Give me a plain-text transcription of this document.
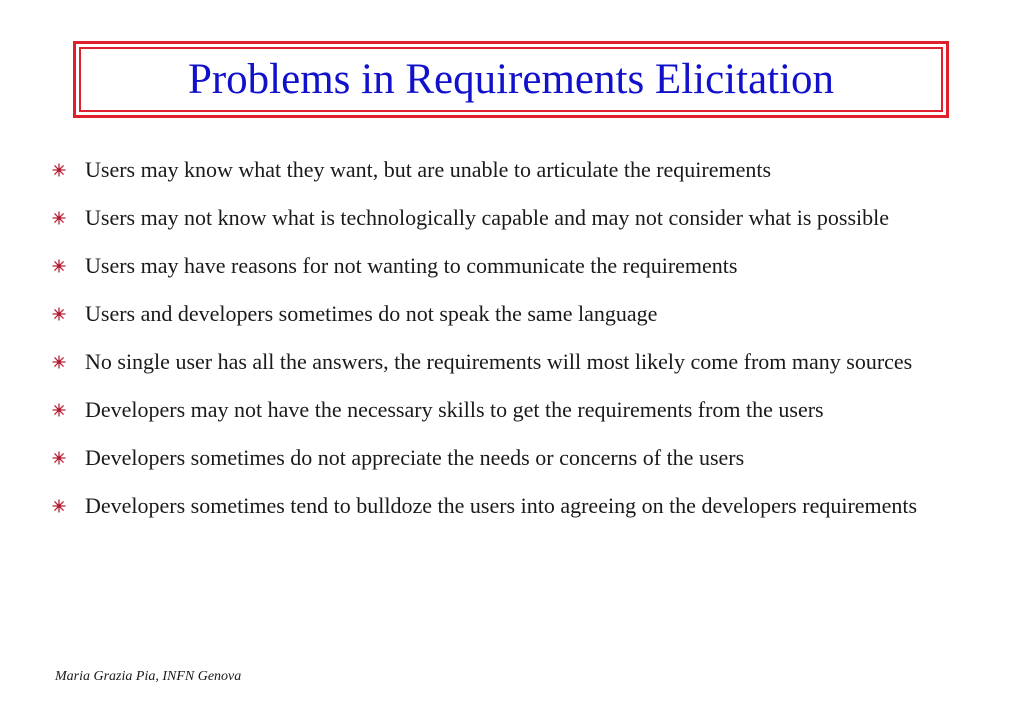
Problems in Requirements Elicitation
Users may know what they want, but are unable to articulate the requirements
Users may not know what is technologically capable and may not consider what is possible
Users may have reasons for not wanting to communicate the requirements
Users and developers sometimes do not speak the same language
No single user has all the answers, the requirements will most likely come from many sources
Developers may not have the necessary skills to get the requirements from the users
Developers sometimes do not appreciate the needs or concerns of the users
Developers sometimes tend to bulldoze the users into agreeing on the developers requirements
Maria Grazia Pia, INFN Genova
